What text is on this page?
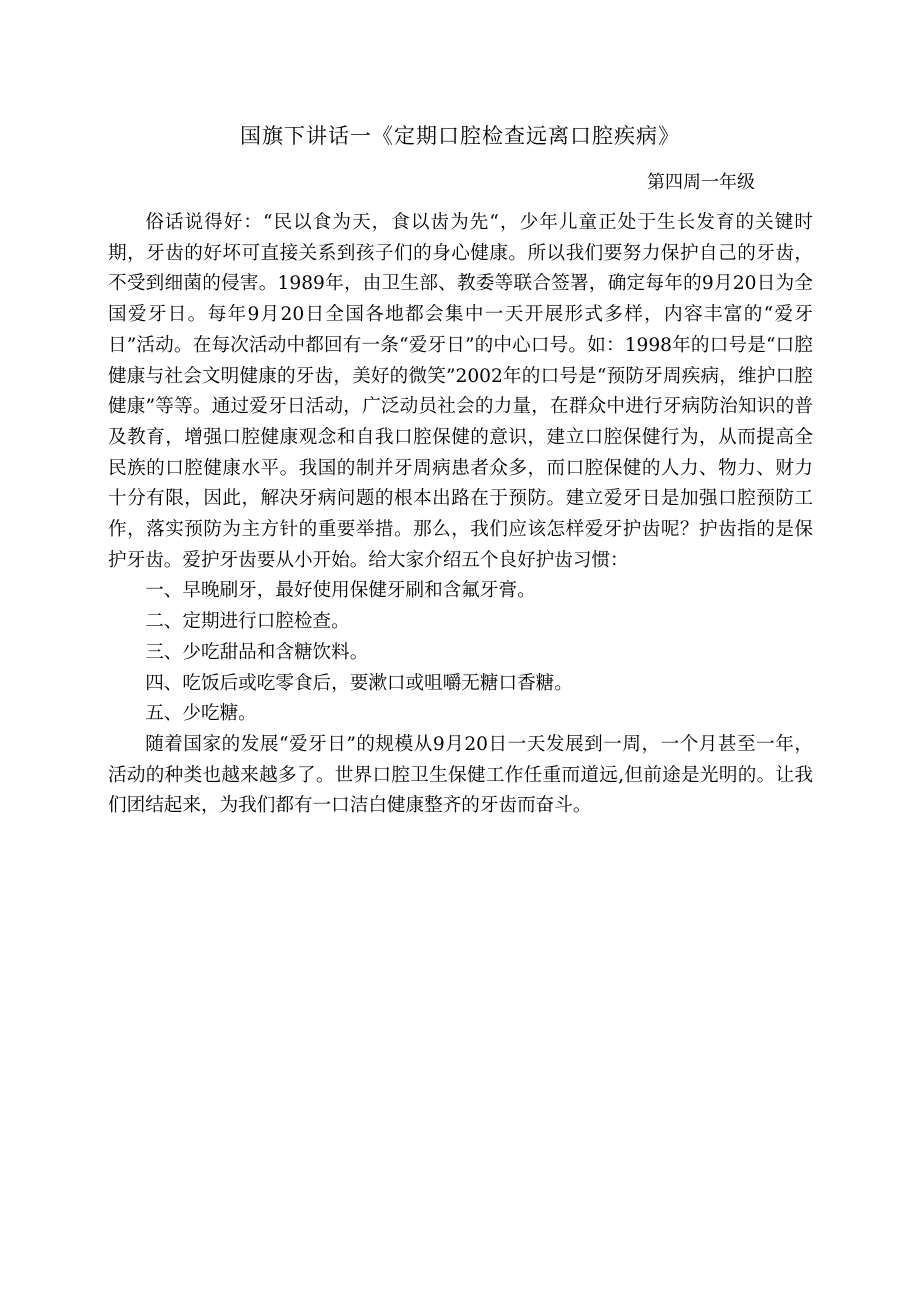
国旗下讲话一《定期口腔检查远离口腔疾病》
第四周一年级

俗话说得好：“民以食为天，食以齿为先“，少年儿童正处于生长发育的关键时期，牙齿的好坏可直接关系到孩子们的身心健康。所以我们要努力保护自己的牙齿，不受到细菌的侵害。1989年，由卫生部、教委等联合签署，确定每年的9月20日为全国爱牙日。每年9月20日全国各地都会集中一天开展形式多样，内容丰富的“爱牙日”活动。在每次活动中都回有一条“爱牙日”的中心口号。如：1998年的口号是“口腔健康与社会文明健康的牙齿，美好的微笑”2002年的口号是“预防牙周疾病，维护口腔健康”等等。通过爱牙日活动，广泛动员社会的力量，在群众中进行牙病防治知识的普及教育，增强口腔健康观念和自我口腔保健的意识，建立口腔保健行为，从而提高全民族的口腔健康水平。我国的制并牙周病患者众多，而口腔保健的人力、物力、财力十分有限，因此，解决牙病问题的根本出路在于预防。建立爱牙日是加强口腔预防工作，落实预防为主方针的重要举措。那么，我们应该怎样爱牙护齿呢？护齿指的是保护牙齿。爱护牙齿要从小开始。给大家介绍五个良好护齿习惯：

一、早晚刷牙，最好使用保健牙刷和含氟牙膏。

二、定期进行口腔检查。

三、少吃甜品和含糖饮料。

四、吃饭后或吃零食后，要漱口或咀嚼无糖口香糖。

五、少吃糖。

随着国家的发展“爱牙日”的规模从9月20日一天发展到一周，一个月甚至一年，活动的种类也越来越多了。世界口腔卫生保健工作任重而道远,但前途是光明的。让我们团结起来，为我们都有一口洁白健康整齐的牙齿而奋斗。
